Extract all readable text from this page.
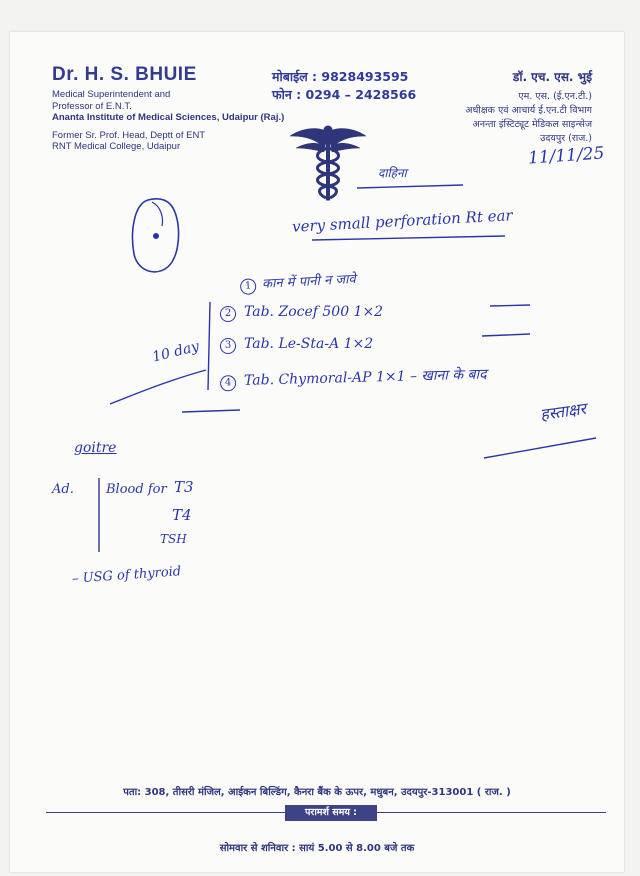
Dr. H. S. BHUIE
Medical Superintendent and
Professor of E.N.T.
Ananta Institute of Medical Sciences, Udaipur (Raj.)
Former Sr. Prof. Head, Deptt of ENT
RNT Medical College, Udaipur
मोबाईल : 9828493595
फोन : 0294 – 2428566
डॉ. एच. एस. भुई
एम. एस. (ई.एन.टी.)
अधीक्षक एवं आचार्य ई.एन.टी विभाग
अनन्ता इंस्टिट्यूट मेडिकल साइन्सेज
उदयपुर (राज.)
11/11/25
दाहिना
very small perforation Rt ear
1 कान में पानी न जावे
2 Tab. Zocef 500 1×2
3 Tab. Le-Sta-A 1×2
4 Tab. Chymoral-AP 1×1 – खाना के बाद
10 day
हस्ताक्षर
goitre
Ad. Blood for T3
T4
TSH
– USG of thyroid
पता: 308, तीसरी मंजिल, आईकन बिल्डिंग, कैनरा बैंक के ऊपर, मधुबन, उदयपुर-313001 ( राज. )
परामर्श समय :
सोमवार से शनिवार : सायं 5.00 से 8.00 बजे तक
